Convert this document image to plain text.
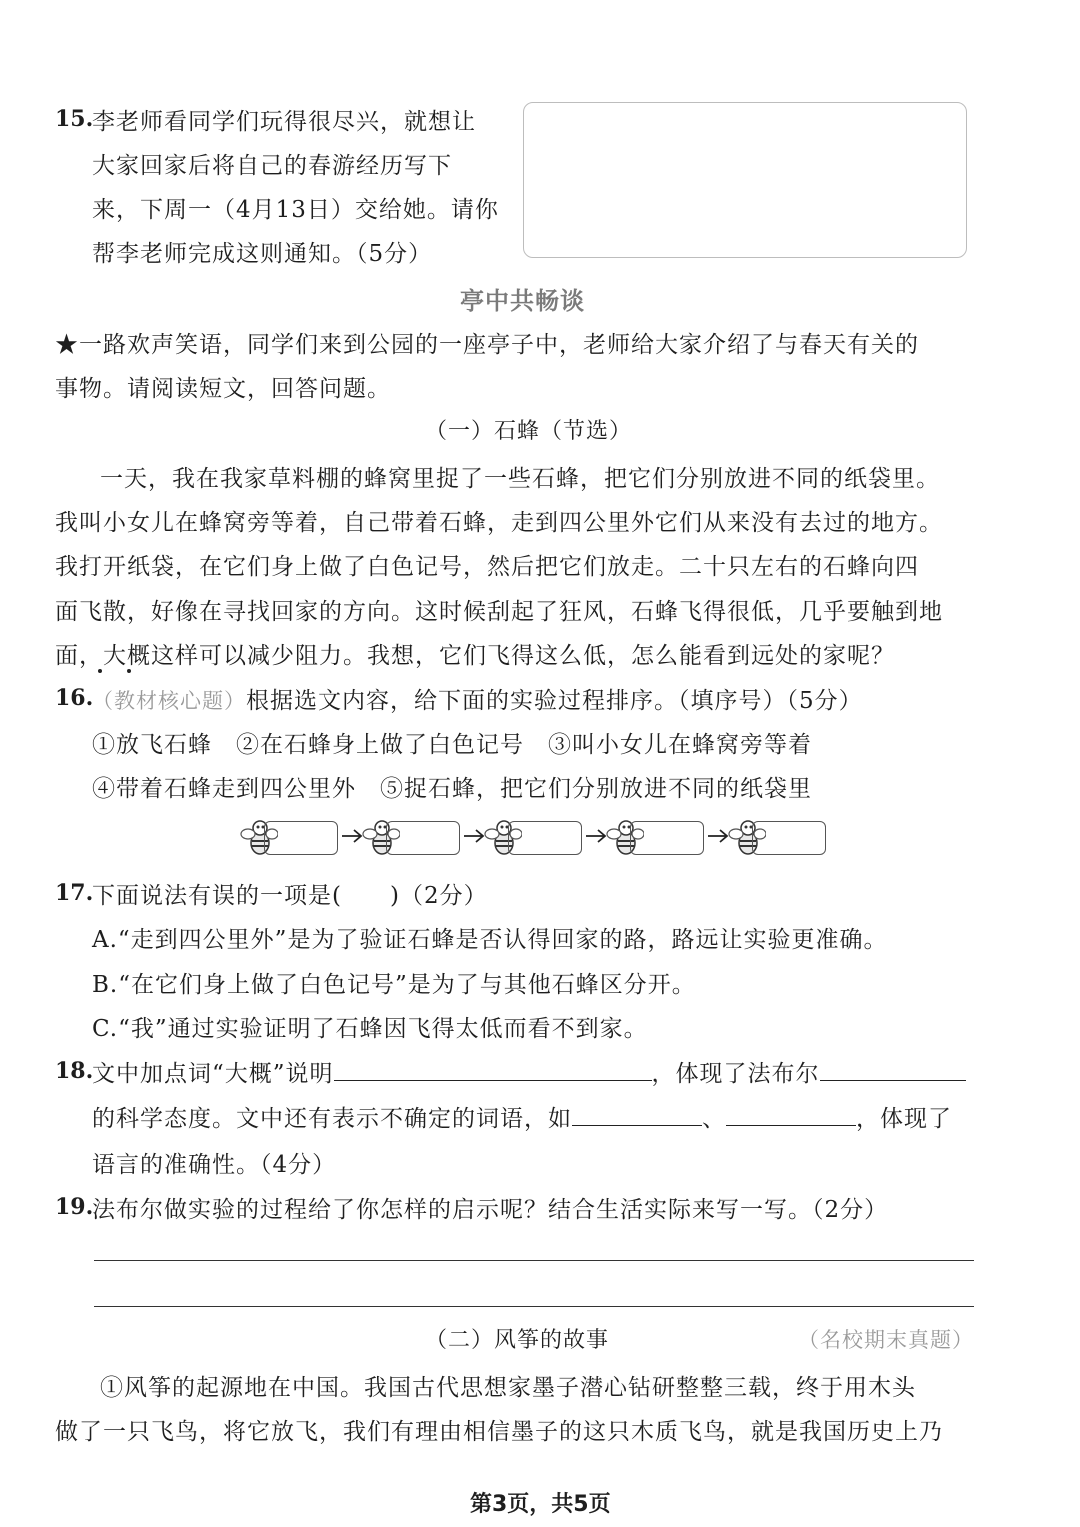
15.
李老师看同学们玩得很尽兴，就想让
大家回家后将自己的春游经历写下
来，下周一（4月13日）交给她。请你
帮李老师完成这则通知。（5分）
亭中共畅谈
★一路欢声笑语，同学们来到公园的一座亭子中，老师给大家介绍了与春天有关的
事物。请阅读短文，回答问题。
（一）石蜂（节选）
一天，我在我家草料棚的蜂窝里捉了一些石蜂，把它们分别放进不同的纸袋里。
我叫小女儿在蜂窝旁等着，自己带着石蜂，走到四公里外它们从来没有去过的地方。
我打开纸袋，在它们身上做了白色记号，然后把它们放走。二十只左右的石蜂向四
面飞散，好像在寻找回家的方向。这时候刮起了狂风，石蜂飞得很低，几乎要触到地
面，大概这样可以减少阻力。我想，它们飞得这么低，怎么能看到远处的家呢？
16.
（教材核心题）根据选文内容，给下面的实验过程排序。（填序号）（5分）
①放飞石蜂　②在石蜂身上做了白色记号　③叫小女儿在蜂窝旁等着
④带着石蜂走到四公里外　⑤捉石蜂，把它们分别放进不同的纸袋里
17.
下面说法有误的一项是(　　)（2分）
A.“走到四公里外”是为了验证石蜂是否认得回家的路，路远让实验更准确。
B.“在它们身上做了白色记号”是为了与其他石蜂区分开。
C.“我”通过实验证明了石蜂因飞得太低而看不到家。
18.
文中加点词“大概”说明	，体现了法布尔
的科学态度。文中还有表示不确定的词语，如	、	，体现了
语言的准确性。（4分）
19.
法布尔做实验的过程给了你怎样的启示呢？结合生活实际来写一写。（2分）
（二）风筝的故事	（名校期末真题）
①风筝的起源地在中国。我国古代思想家墨子潜心钻研整整三载，终于用木头
做了一只飞鸟，将它放飞，我们有理由相信墨子的这只木质飞鸟，就是我国历史上乃
第3页，共5页
